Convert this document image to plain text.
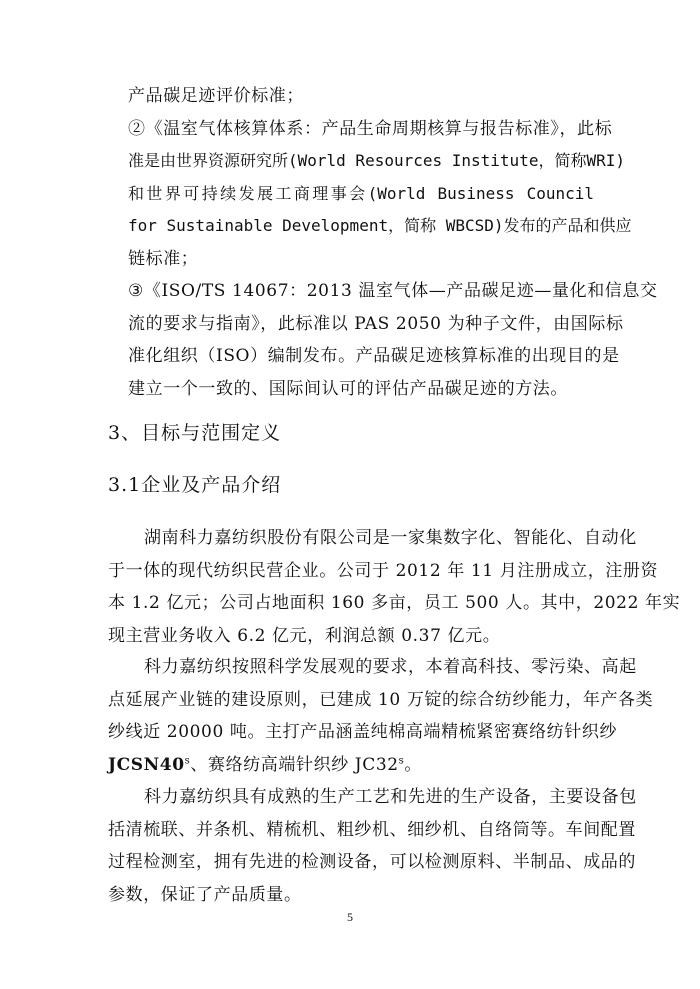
产品碳足迹评价标准；
②《温室气体核算体系：产品生命周期核算与报告标准》，此标
准是由世界资源研究所(World Resources Institute，简称WRI)
和世界可持续发展工商理事会(World Business Council
for Sustainable Development，简称 WBCSD)发布的产品和供应
链标准；
③《ISO/TS 14067：2013 温室气体—产品碳足迹—量化和信息交
流的要求与指南》，此标准以 PAS 2050 为种子文件，由国际标
准化组织（ISO）编制发布。产品碳足迹核算标准的出现目的是
建立一个一致的、国际间认可的评估产品碳足迹的方法。
3、目标与范围定义
3.1企业及产品介绍
湖南科力嘉纺织股份有限公司是一家集数字化、智能化、自动化
于一体的现代纺织民营企业。公司于 2012 年 11 月注册成立，注册资
本 1.2 亿元；公司占地面积 160 多亩，员工 500 人。其中，2022 年实
现主营业务收入 6.2 亿元，利润总额 0.37 亿元。
科力嘉纺织按照科学发展观的要求，本着高科技、零污染、高起
点延展产业链的建设原则，已建成 10 万锭的综合纺纱能力，年产各类
纱线近 20000 吨。主打产品涵盖纯棉高端精梳紧密赛络纺针织纱
JCSN40$^s$、赛络纺高端针织纱 JC32$^s$。
科力嘉纺织具有成熟的生产工艺和先进的生产设备，主要设备包
括清梳联、并条机、精梳机、粗纱机、细纱机、自络筒等。车间配置
过程检测室，拥有先进的检测设备，可以检测原料、半制品、成品的
参数，保证了产品质量。
5
